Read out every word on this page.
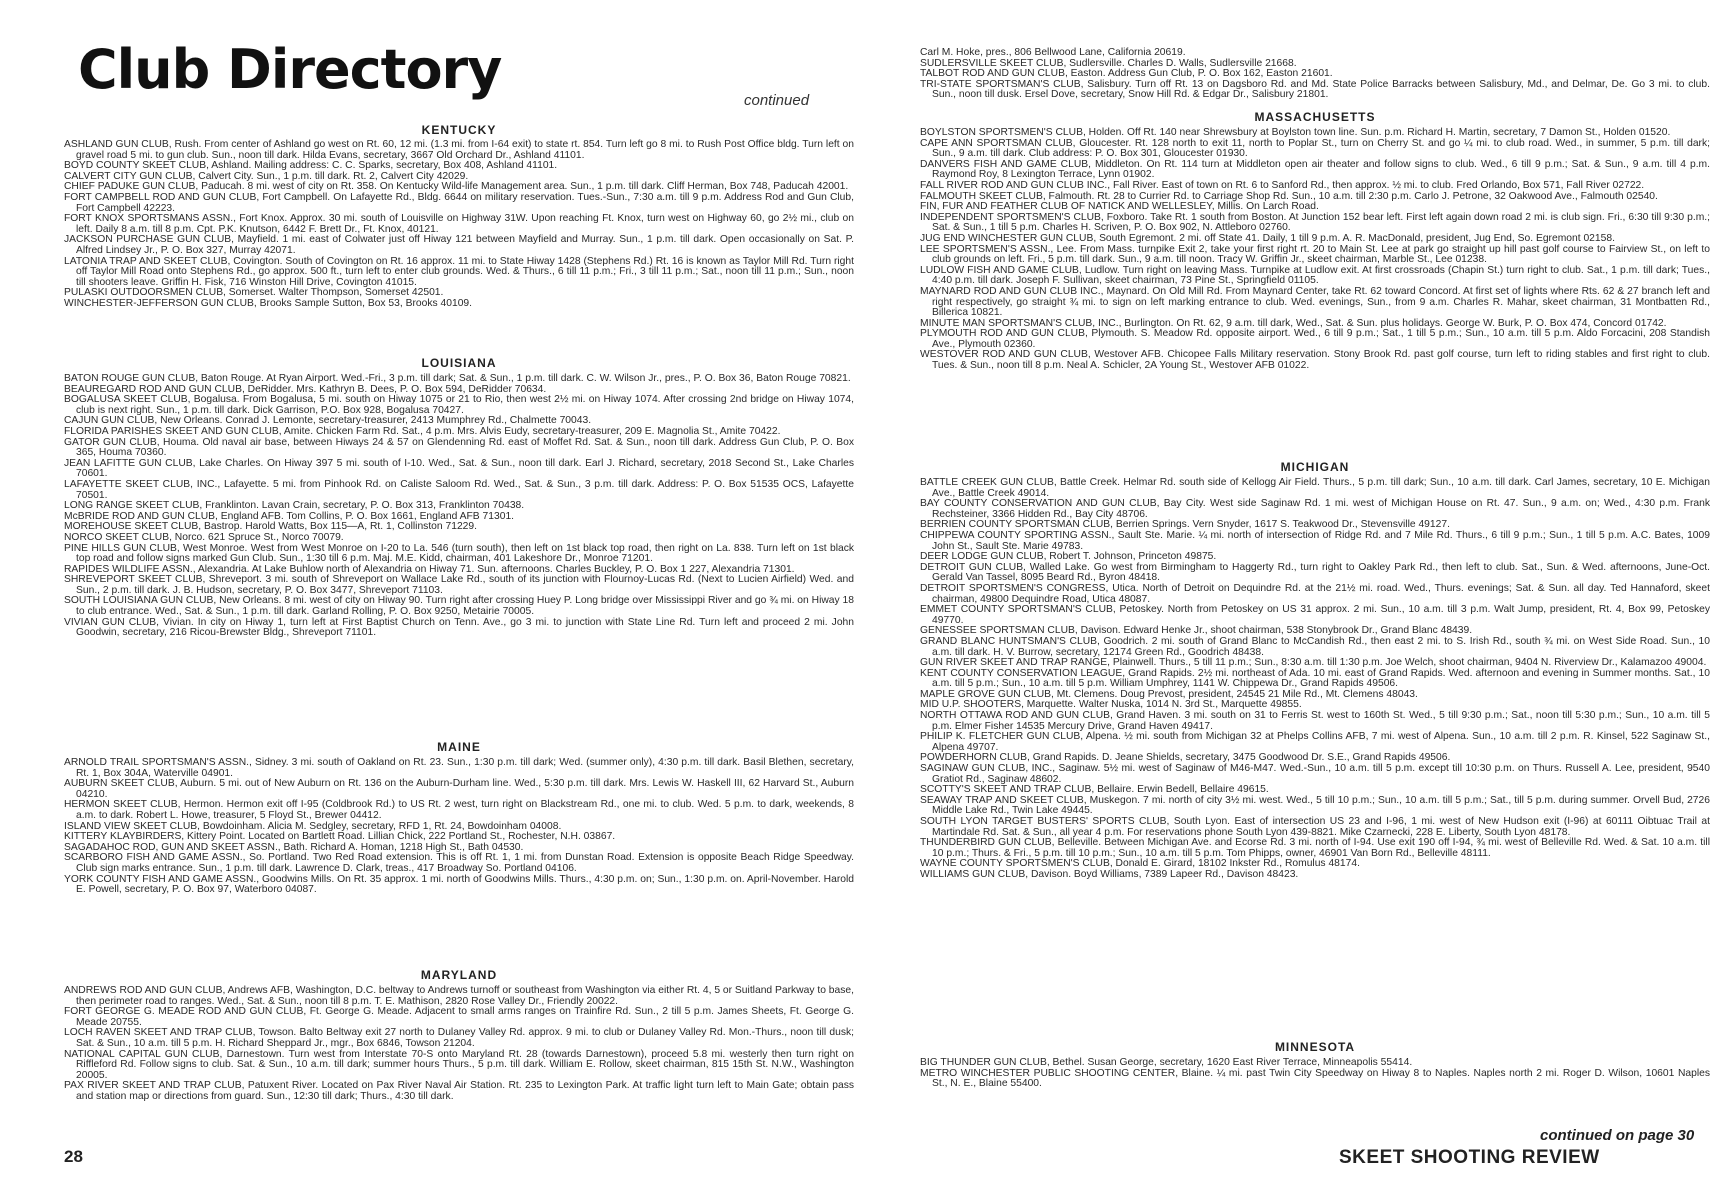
Club Directory	continued
KENTUCKY

ASHLAND GUN CLUB, Rush. From center of Ashland go west on Rt. 60, 12 mi. (1.3 mi. from I-64 exit) to state rt. 854. Turn left go 8 mi. to Rush Post Office bldg. Turn left on gravel road 5 mi. to gun club. Sun., noon till dark. Hilda Evans, secretary, 3667 Old Orchard Dr., Ashland 41101.

BOYD COUNTY SKEET CLUB, Ashland. Mailing address: C. C. Sparks, secretary, Box 408, Ashland 41101.

CALVERT CITY GUN CLUB, Calvert City. Sun., 1 p.m. till dark. Rt. 2, Calvert City 42029.

CHIEF PADUKE GUN CLUB, Paducah. 8 mi. west of city on Rt. 358. On Kentucky Wild-life Management area. Sun., 1 p.m. till dark. Cliff Herman, Box 748, Paducah 42001.

FORT CAMPBELL ROD AND GUN CLUB, Fort Campbell. On Lafayette Rd., Bldg. 6644 on military reservation. Tues.-Sun., 7:30 a.m. till 9 p.m. Address Rod and Gun Club, Fort Campbell 42223.

FORT KNOX SPORTSMANS ASSN., Fort Knox. Approx. 30 mi. south of Louisville on Highway 31W. Upon reaching Ft. Knox, turn west on Highway 60, go 2½ mi., club on left. Daily 8 a.m. till 8 p.m. Cpt. P.K. Knutson, 6442 F. Brett Dr., Ft. Knox, 40121.

JACKSON PURCHASE GUN CLUB, Mayfield. 1 mi. east of Colwater just off Hiway 121 between Mayfield and Murray. Sun., 1 p.m. till dark. Open occasionally on Sat. P. Alfred Lindsey Jr., P. O. Box 327, Murray 42071.

LATONIA TRAP AND SKEET CLUB, Covington. South of Covington on Rt. 16 approx. 11 mi. to State Hiway 1428 (Stephens Rd.) Rt. 16 is known as Taylor Mill Rd. Turn right off Taylor Mill Road onto Stephens Rd., go approx. 500 ft., turn left to enter club grounds. Wed. & Thurs., 6 till 11 p.m.; Fri., 3 till 11 p.m.; Sat., noon till 11 p.m.; Sun., noon till shooters leave. Griffin H. Fisk, 716 Winston Hill Drive, Covington 41015.

PULASKI OUTDOORSMEN CLUB, Somerset. Walter Thompson, Somerset 42501.

WINCHESTER-JEFFERSON GUN CLUB, Brooks Sample Sutton, Box 53, Brooks 40109.

LOUISIANA

BATON ROUGE GUN CLUB, Baton Rouge. At Ryan Airport. Wed.-Fri., 3 p.m. till dark; Sat. & Sun., 1 p.m. till dark. C. W. Wilson Jr., pres., P. O. Box 36, Baton Rouge 70821.

BEAUREGARD ROD AND GUN CLUB, DeRidder. Mrs. Kathryn B. Dees, P. O. Box 594, DeRidder 70634.

BOGALUSA SKEET CLUB, Bogalusa. From Bogalusa, 5 mi. south on Hiway 1075 or 21 to Rio, then west 2½ mi. on Hiway 1074. After crossing 2nd bridge on Hiway 1074, club is next right. Sun., 1 p.m. till dark. Dick Garrison, P.O. Box 928, Bogalusa 70427.

CAJUN GUN CLUB, New Orleans. Conrad J. Lemonte, secretary-treasurer, 2413 Mumphrey Rd., Chalmette 70043.

FLORIDA PARISHES SKEET AND GUN CLUB, Amite. Chicken Farm Rd. Sat., 4 p.m. Mrs. Alvis Eudy, secretary-treasurer, 209 E. Magnolia St., Amite 70422.

GATOR GUN CLUB, Houma. Old naval air base, between Hiways 24 & 57 on Glendenning Rd. east of Moffet Rd. Sat. & Sun., noon till dark. Address Gun Club, P. O. Box 365, Houma 70360.

JEAN LAFITTE GUN CLUB, Lake Charles. On Hiway 397 5 mi. south of I-10. Wed., Sat. & Sun., noon till dark. Earl J. Richard, secretary, 2018 Second St., Lake Charles 70601.

LAFAYETTE SKEET CLUB, INC., Lafayette. 5 mi. from Pinhook Rd. on Caliste Saloom Rd. Wed., Sat. & Sun., 3 p.m. till dark. Address: P. O. Box 51535 OCS, Lafayette 70501.

LONG RANGE SKEET CLUB, Franklinton. Lavan Crain, secretary, P. O. Box 313, Franklinton 70438.

McBRIDE ROD AND GUN CLUB, England AFB. Tom Collins, P. O. Box 1661, England AFB 71301.

MOREHOUSE SKEET CLUB, Bastrop. Harold Watts, Box 115—A, Rt. 1, Collinston 71229.

NORCO SKEET CLUB, Norco. 621 Spruce St., Norco 70079.

PINE HILLS GUN CLUB, West Monroe. West from West Monroe on I-20 to La. 546 (turn south), then left on 1st black top road, then right on La. 838. Turn left on 1st black top road and follow signs marked Gun Club. Sun., 1:30 till 6 p.m. Maj. M.E. Kidd, chairman, 401 Lakeshore Dr., Monroe 71201.

RAPIDES WILDLIFE ASSN., Alexandria. At Lake Buhlow north of Alexandria on Hiway 71. Sun. afternoons. Charles Buckley, P. O. Box 1 227, Alexandria 71301.

SHREVEPORT SKEET CLUB, Shreveport. 3 mi. south of Shreveport on Wallace Lake Rd., south of its junction with Flournoy-Lucas Rd. (Next to Lucien Airfield) Wed. and Sun., 2 p.m. till dark. J. B. Hudson, secretary, P. O. Box 3477, Shreveport 71103.

SOUTH LOUISIANA GUN CLUB, New Orleans. 8 mi. west of city on Hiway 90. Turn right after crossing Huey P. Long bridge over Mississippi River and go ¾ mi. on Hiway 18 to club entrance. Wed., Sat. & Sun., 1 p.m. till dark. Garland Rolling, P. O. Box 9250, Metairie 70005.

VIVIAN GUN CLUB, Vivian. In city on Hiway 1, turn left at First Baptist Church on Tenn. Ave., go 3 mi. to junction with State Line Rd. Turn left and proceed 2 mi. John Goodwin, secretary, 216 Ricou-Brewster Bldg., Shreveport 71101.

MAINE

ARNOLD TRAIL SPORTSMAN'S ASSN., Sidney. 3 mi. south of Oakland on Rt. 23. Sun., 1:30 p.m. till dark; Wed. (summer only), 4:30 p.m. till dark. Basil Blethen, secretary, Rt. 1, Box 304A, Waterville 04901.

AUBURN SKEET CLUB, Auburn. 5 mi. out of New Auburn on Rt. 136 on the Auburn-Durham line. Wed., 5:30 p.m. till dark. Mrs. Lewis W. Haskell III, 62 Harvard St., Auburn 04210.

HERMON SKEET CLUB, Hermon. Hermon exit off I-95 (Coldbrook Rd.) to US Rt. 2 west, turn right on Blackstream Rd., one mi. to club. Wed. 5 p.m. to dark, weekends, 8 a.m. to dark. Robert L. Howe, treasurer, 5 Floyd St., Brewer 04412.

ISLAND VIEW SKEET CLUB, Bowdoinham. Alicia M. Sedgley, secretary, RFD 1, Rt. 24, Bowdoinham 04008.

KITTERY KLAYBIRDERS, Kittery Point. Located on Bartlett Road. Lillian Chick, 222 Portland St., Rochester, N.H. 03867.

SAGADAHOC ROD, GUN AND SKEET ASSN., Bath. Richard A. Homan, 1218 High St., Bath 04530.

SCARBORO FISH AND GAME ASSN., So. Portland. Two Red Road extension. This is off Rt. 1, 1 mi. from Dunstan Road. Extension is opposite Beach Ridge Speedway. Club sign marks entrance. Sun., 1 p.m. till dark. Lawrence D. Clark, treas., 417 Broadway So. Portland 04106.

YORK COUNTY FISH AND GAME ASSN., Goodwins Mills. On Rt. 35 approx. 1 mi. north of Goodwins Mills. Thurs., 4:30 p.m. on; Sun., 1:30 p.m. on. April-November. Harold E. Powell, secretary, P. O. Box 97, Waterboro 04087.

MARYLAND

ANDREWS ROD AND GUN CLUB, Andrews AFB, Washington, D.C. beltway to Andrews turnoff or southeast from Washington via either Rt. 4, 5 or Suitland Parkway to base, then perimeter road to ranges. Wed., Sat. & Sun., noon till 8 p.m. T. E. Mathison, 2820 Rose Valley Dr., Friendly 20022.

FORT GEORGE G. MEADE ROD AND GUN CLUB, Ft. George G. Meade. Adjacent to small arms ranges on Trainfire Rd. Sun., 2 till 5 p.m. James Sheets, Ft. George G. Meade 20755.

LOCH RAVEN SKEET AND TRAP CLUB, Towson. Balto Beltway exit 27 north to Dulaney Valley Rd. approx. 9 mi. to club or Dulaney Valley Rd. Mon.-Thurs., noon till dusk; Sat. & Sun., 10 a.m. till 5 p.m. H. Richard Sheppard Jr., mgr., Box 6846, Towson 21204.

NATIONAL CAPITAL GUN CLUB, Darnestown. Turn west from Interstate 70-S onto Maryland Rt. 28 (towards Darnestown), proceed 5.8 mi. westerly then turn right on Riffleford Rd. Follow signs to club. Sat. & Sun., 10 a.m. till dark; summer hours Thurs., 5 p.m. till dark. William E. Rollow, skeet chairman, 815 15th St. N.W., Washington 20005.

PAX RIVER SKEET AND TRAP CLUB, Patuxent River. Located on Pax River Naval Air Station. Rt. 235 to Lexington Park. At traffic light turn left to Main Gate; obtain pass and station map or directions from guard. Sun., 12:30 till dark; Thurs., 4:30 till dark.

Carl M. Hoke, pres., 806 Bellwood Lane, California 20619.

SUDLERSVILLE SKEET CLUB, Sudlersville. Charles D. Walls, Sudlersville 21668.

TALBOT ROD AND GUN CLUB, Easton. Address Gun Club, P. O. Box 162, Easton 21601.

TRI-STATE SPORTSMAN'S CLUB, Salisbury. Turn off Rt. 13 on Dagsboro Rd. and Md. State Police Barracks between Salisbury, Md., and Delmar, De. Go 3 mi. to club. Sun., noon till dusk. Ersel Dove, secretary, Snow Hill Rd. & Edgar Dr., Salisbury 21801.

MASSACHUSETTS

BOYLSTON SPORTSMEN'S CLUB, Holden. Off Rt. 140 near Shrewsbury at Boylston town line. Sun. p.m. Richard H. Martin, secretary, 7 Damon St., Holden 01520.

CAPE ANN SPORTSMAN CLUB, Gloucester. Rt. 128 north to exit 11, north to Poplar St., turn on Cherry St. and go ¼ mi. to club road. Wed., in summer, 5 p.m. till dark; Sun., 9 a.m. till dark. Club address: P. O. Box 301, Gloucester 01930.

DANVERS FISH AND GAME CLUB, Middleton. On Rt. 114 turn at Middleton open air theater and follow signs to club. Wed., 6 till 9 p.m.; Sat. & Sun., 9 a.m. till 4 p.m. Raymond Roy, 8 Lexington Terrace, Lynn 01902.

FALL RIVER ROD AND GUN CLUB INC., Fall River. East of town on Rt. 6 to Sanford Rd., then approx. ½ mi. to club. Fred Orlando, Box 571, Fall River 02722.

FALMOUTH SKEET CLUB, Falmouth. Rt. 28 to Currier Rd. to Carriage Shop Rd. Sun., 10 a.m. till 2:30 p.m. Carlo J. Petrone, 32 Oakwood Ave., Falmouth 02540.

FIN, FUR AND FEATHER CLUB OF NATICK AND WELLESLEY, Millis. On Larch Road.

INDEPENDENT SPORTSMEN'S CLUB, Foxboro. Take Rt. 1 south from Boston. At Junction 152 bear left. First left again down road 2 mi. is club sign. Fri., 6:30 till 9:30 p.m.; Sat. & Sun., 1 till 5 p.m. Charles H. Scriven, P. O. Box 902, N. Attleboro 02760.

JUG END WINCHESTER GUN CLUB, South Egremont. 2 mi. off State 41. Daily, 1 till 9 p.m. A. R. MacDonald, president, Jug End, So. Egremont 02158.

LEE SPORTSMEN'S ASSN., Lee. From Mass. turnpike Exit 2, take your first right rt. 20 to Main St. Lee at park go straight up hill past golf course to Fairview St., on left to club grounds on left. Fri., 5 p.m. till dark. Sun., 9 a.m. till noon. Tracy W. Griffin Jr., skeet chairman, Marble St., Lee 01238.

LUDLOW FISH AND GAME CLUB, Ludlow. Turn right on leaving Mass. Turnpike at Ludlow exit. At first crossroads (Chapin St.) turn right to club. Sat., 1 p.m. till dark; Tues., 4:40 p.m. till dark. Joseph F. Sullivan, skeet chairman, 73 Pine St., Springfield 01105.

MAYNARD ROD AND GUN CLUB INC., Maynard. On Old Mill Rd. From Maynard Center, take Rt. 62 toward Concord. At first set of lights where Rts. 62 & 27 branch left and right respectively, go straight ¾ mi. to sign on left marking entrance to club. Wed. evenings, Sun., from 9 a.m. Charles R. Mahar, skeet chairman, 31 Montbatten Rd., Billerica 10821.

MINUTE MAN SPORTSMAN'S CLUB, INC., Burlington. On Rt. 62, 9 a.m. till dark, Wed., Sat. & Sun. plus holidays. George W. Burk, P. O. Box 474, Concord 01742.

PLYMOUTH ROD AND GUN CLUB, Plymouth. S. Meadow Rd. opposite airport. Wed., 6 till 9 p.m.; Sat., 1 till 5 p.m.; Sun., 10 a.m. till 5 p.m. Aldo Forcacini, 208 Standish Ave., Plymouth 02360.

WESTOVER ROD AND GUN CLUB, Westover AFB. Chicopee Falls Military reservation. Stony Brook Rd. past golf course, turn left to riding stables and first right to club. Tues. & Sun., noon till 8 p.m. Neal A. Schicler, 2A Young St., Westover AFB 01022.

MICHIGAN

BATTLE CREEK GUN CLUB, Battle Creek. Helmar Rd. south side of Kellogg Air Field. Thurs., 5 p.m. till dark; Sun., 10 a.m. till dark. Carl James, secretary, 10 E. Michigan Ave., Battle Creek 49014.

BAY COUNTY CONSERVATION AND GUN CLUB, Bay City. West side Saginaw Rd. 1 mi. west of Michigan House on Rt. 47. Sun., 9 a.m. on; Wed., 4:30 p.m. Frank Rechsteiner, 3366 Hidden Rd., Bay City 48706.

BERRIEN COUNTY SPORTSMAN CLUB, Berrien Springs. Vern Snyder, 1617 S. Teakwood Dr., Stevensville 49127.

CHIPPEWA COUNTY SPORTING ASSN., Sault Ste. Marie. ¼ mi. north of intersection of Ridge Rd. and 7 Mile Rd. Thurs., 6 till 9 p.m.; Sun., 1 till 5 p.m. A.C. Bates, 1009 John St., Sault Ste. Marie 49783.

DEER LODGE GUN CLUB, Robert T. Johnson, Princeton 49875.

DETROIT GUN CLUB, Walled Lake. Go west from Birmingham to Haggerty Rd., turn right to Oakley Park Rd., then left to club. Sat., Sun. & Wed. afternoons, June-Oct. Gerald Van Tassel, 8095 Beard Rd., Byron 48418.

DETROIT SPORTSMEN'S CONGRESS, Utica. North of Detroit on Dequindre Rd. at the 21½ mi. road. Wed., Thurs. evenings; Sat. & Sun. all day. Ted Hannaford, skeet chairman, 49800 Dequindre Road, Utica 48087.

EMMET COUNTY SPORTSMAN'S CLUB, Petoskey. North from Petoskey on US 31 approx. 2 mi. Sun., 10 a.m. till 3 p.m. Walt Jump, president, Rt. 4, Box 99, Petoskey 49770.

GENESSEE SPORTSMAN CLUB, Davison. Edward Henke Jr., shoot chairman, 538 Stonybrook Dr., Grand Blanc 48439.

GRAND BLANC HUNTSMAN'S CLUB, Goodrich. 2 mi. south of Grand Blanc to McCandish Rd., then east 2 mi. to S. Irish Rd., south ¾ mi. on West Side Road. Sun., 10 a.m. till dark. H. V. Burrow, secretary, 12174 Green Rd., Goodrich 48438.

GUN RIVER SKEET AND TRAP RANGE, Plainwell. Thurs., 5 till 11 p.m.; Sun., 8:30 a.m. till 1:30 p.m. Joe Welch, shoot chairman, 9404 N. Riverview Dr., Kalamazoo 49004.

KENT COUNTY CONSERVATION LEAGUE, Grand Rapids. 2½ mi. northeast of Ada. 10 mi. east of Grand Rapids. Wed. afternoon and evening in Summer months. Sat., 10 a.m. till 5 p.m.; Sun., 10 a.m. till 5 p.m. William Umphrey, 1141 W. Chippewa Dr., Grand Rapids 49506.

MAPLE GROVE GUN CLUB, Mt. Clemens. Doug Prevost, president, 24545 21 Mile Rd., Mt. Clemens 48043.

MID U.P. SHOOTERS, Marquette. Walter Nuska, 1014 N. 3rd St., Marquette 49855.

NORTH OTTAWA ROD AND GUN CLUB, Grand Haven. 3 mi. south on 31 to Ferris St. west to 160th St. Wed., 5 till 9:30 p.m.; Sat., noon till 5:30 p.m.; Sun., 10 a.m. till 5 p.m. Elmer Fisher 14535 Mercury Drive, Grand Haven 49417.

PHILIP K. FLETCHER GUN CLUB, Alpena. ½ mi. south from Michigan 32 at Phelps Collins AFB, 7 mi. west of Alpena. Sun., 10 a.m. till 2 p.m. R. Kinsel, 522 Saginaw St., Alpena 49707.

POWDERHORN CLUB, Grand Rapids. D. Jeane Shields, secretary, 3475 Goodwood Dr. S.E., Grand Rapids 49506.

SAGINAW GUN CLUB, INC., Saginaw. 5½ mi. west of Saginaw of M46-M47. Wed.-Sun., 10 a.m. till 5 p.m. except till 10:30 p.m. on Thurs. Russell A. Lee, president, 9540 Gratiot Rd., Saginaw 48602.

SCOTTY'S SKEET AND TRAP CLUB, Bellaire. Erwin Bedell, Bellaire 49615.

SEAWAY TRAP AND SKEET CLUB, Muskegon. 7 mi. north of city 3½ mi. west. Wed., 5 till 10 p.m.; Sun., 10 a.m. till 5 p.m.; Sat., till 5 p.m. during summer. Orvell Bud, 2726 Middle Lake Rd., Twin Lake 49445.

SOUTH LYON TARGET BUSTERS' SPORTS CLUB, South Lyon. East of intersection US 23 and I-96, 1 mi. west of New Hudson exit (I-96) at 60111 Oibtuac Trail at Martindale Rd. Sat. & Sun., all year 4 p.m. For reservations phone South Lyon 439-8821. Mike Czarnecki, 228 E. Liberty, South Lyon 48178.

THUNDERBIRD GUN CLUB, Belleville. Between Michigan Ave. and Ecorse Rd. 3 mi. north of I-94. Use exit 190 off I-94, ¾ mi. west of Belleville Rd. Wed. & Sat. 10 a.m. till 10 p.m.; Thurs. & Fri., 5 p.m. till 10 p.m.; Sun., 10 a.m. till 5 p.m. Tom Phipps, owner, 46901 Van Born Rd., Belleville 48111.

WAYNE COUNTY SPORTSMEN'S CLUB, Donald E. Girard, 18102 Inkster Rd., Romulus 48174.

WILLIAMS GUN CLUB, Davison. Boyd Williams, 7389 Lapeer Rd., Davison 48423.

MINNESOTA

BIG THUNDER GUN CLUB, Bethel. Susan George, secretary, 1620 East River Terrace, Minneapolis 55414.

METRO WINCHESTER PUBLIC SHOOTING CENTER, Blaine. ¼ mi. past Twin City Speedway on Hiway 8 to Naples. Naples north 2 mi. Roger D. Wilson, 10601 Naples St., N. E., Blaine 55400.

28
continued on page 30
SKEET SHOOTING REVIEW
